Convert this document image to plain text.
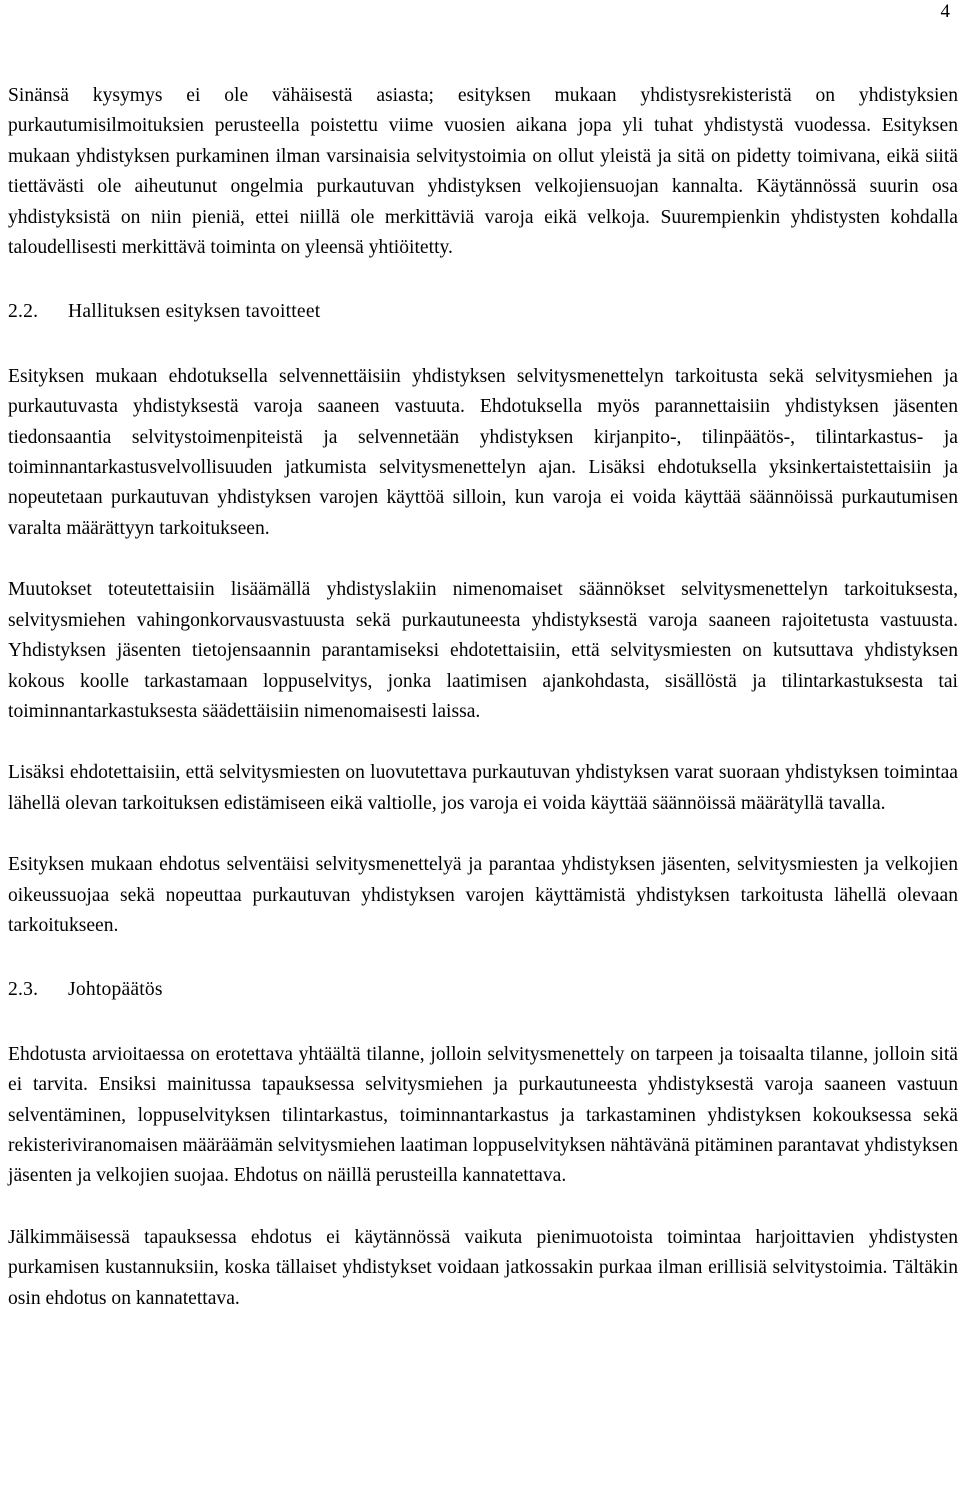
4

Sinänsä kysymys ei ole vähäisestä asiasta; esityksen mukaan yhdistysrekisteristä on yhdistyksien purkautumisilmoituksien perusteella poistettu viime vuosien aikana jopa yli tuhat yhdistystä vuodessa. Esityksen mukaan yhdistyksen purkaminen ilman varsinaisia selvitystoimia on ollut yleistä ja sitä on pidetty toimivana, eikä siitä tiettävästi ole aiheutunut ongelmia purkautuvan yhdistyksen velkojiensuojan kannalta. Käytännössä suurin osa yhdistyksistä on niin pieniä, ettei niillä ole merkittäviä varoja eikä velkoja. Suurempienkin yhdistysten kohdalla taloudellisesti merkittävä toiminta on yleensä yhtiöitetty.

2.2. Hallituksen esityksen tavoitteet

Esityksen mukaan ehdotuksella selvennettäisiin yhdistyksen selvitysmenettelyn tarkoitusta sekä selvitysmiehen ja purkautuvasta yhdistyksestä varoja saaneen vastuuta. Ehdotuksella myös parannettaisiin yhdistyksen jäsenten tiedonsaantia selvitystoimenpiteistä ja selvennetään yhdistyksen kirjanpito-, tilinpäätös-, tilintarkastus- ja toiminnantarkastusvelvollisuuden jatkumista selvitysmenettelyn ajan. Lisäksi ehdotuksella yksinkertaistettaisiin ja nopeutetaan purkautuvan yhdistyksen varojen käyttöä silloin, kun varoja ei voida käyttää säännöissä purkautumisen varalta määrättyyn tarkoitukseen.

Muutokset toteutettaisiin lisäämällä yhdistyslakiin nimenomaiset säännökset selvitysmenettelyn tarkoituksesta, selvitysmiehen vahingonkorvausvastuusta sekä purkautuneesta yhdistyksestä varoja saaneen rajoitetusta vastuusta. Yhdistyksen jäsenten tietojensaannin parantamiseksi ehdotettaisiin, että selvitysmiesten on kutsuttava yhdistyksen kokous koolle tarkastamaan loppuselvitys, jonka laatimisen ajankohdasta, sisällöstä ja tilintarkastuksesta tai toiminnantarkastuksesta säädettäisiin nimenomaisesti laissa.

Lisäksi ehdotettaisiin, että selvitysmiesten on luovutettava purkautuvan yhdistyksen varat suoraan yhdistyksen toimintaa lähellä olevan tarkoituksen edistämiseen eikä valtiolle, jos varoja ei voida käyttää säännöissä määrätyllä tavalla.

Esityksen mukaan ehdotus selventäisi selvitysmenettelyä ja parantaa yhdistyksen jäsenten, selvitysmiesten ja velkojien oikeussuojaa sekä nopeuttaa purkautuvan yhdistyksen varojen käyttämistä yhdistyksen tarkoitusta lähellä olevaan tarkoitukseen.

2.3. Johtopäätös

Ehdotusta arvioitaessa on erotettava yhtäältä tilanne, jolloin selvitysmenettely on tarpeen ja toisaalta tilanne, jolloin sitä ei tarvita. Ensiksi mainitussa tapauksessa selvitysmiehen ja purkautuneesta yhdistyksestä varoja saaneen vastuun selventäminen, loppuselvityksen tilintarkastus, toiminnantarkastus ja tarkastaminen yhdistyksen kokouksessa sekä rekisteriviranomaisen määräämän selvitysmiehen laatiman loppuselvityksen nähtävänä pitäminen parantavat yhdistyksen jäsenten ja velkojien suojaa. Ehdotus on näillä perusteilla kannatettava.

Jälkimmäisessä tapauksessa ehdotus ei käytännössä vaikuta pienimuotoista toimintaa harjoittavien yhdistysten purkamisen kustannuksiin, koska tällaiset yhdistykset voidaan jatkossakin purkaa ilman erillisiä selvitystoimia. Tältäkin osin ehdotus on kannatettava.
